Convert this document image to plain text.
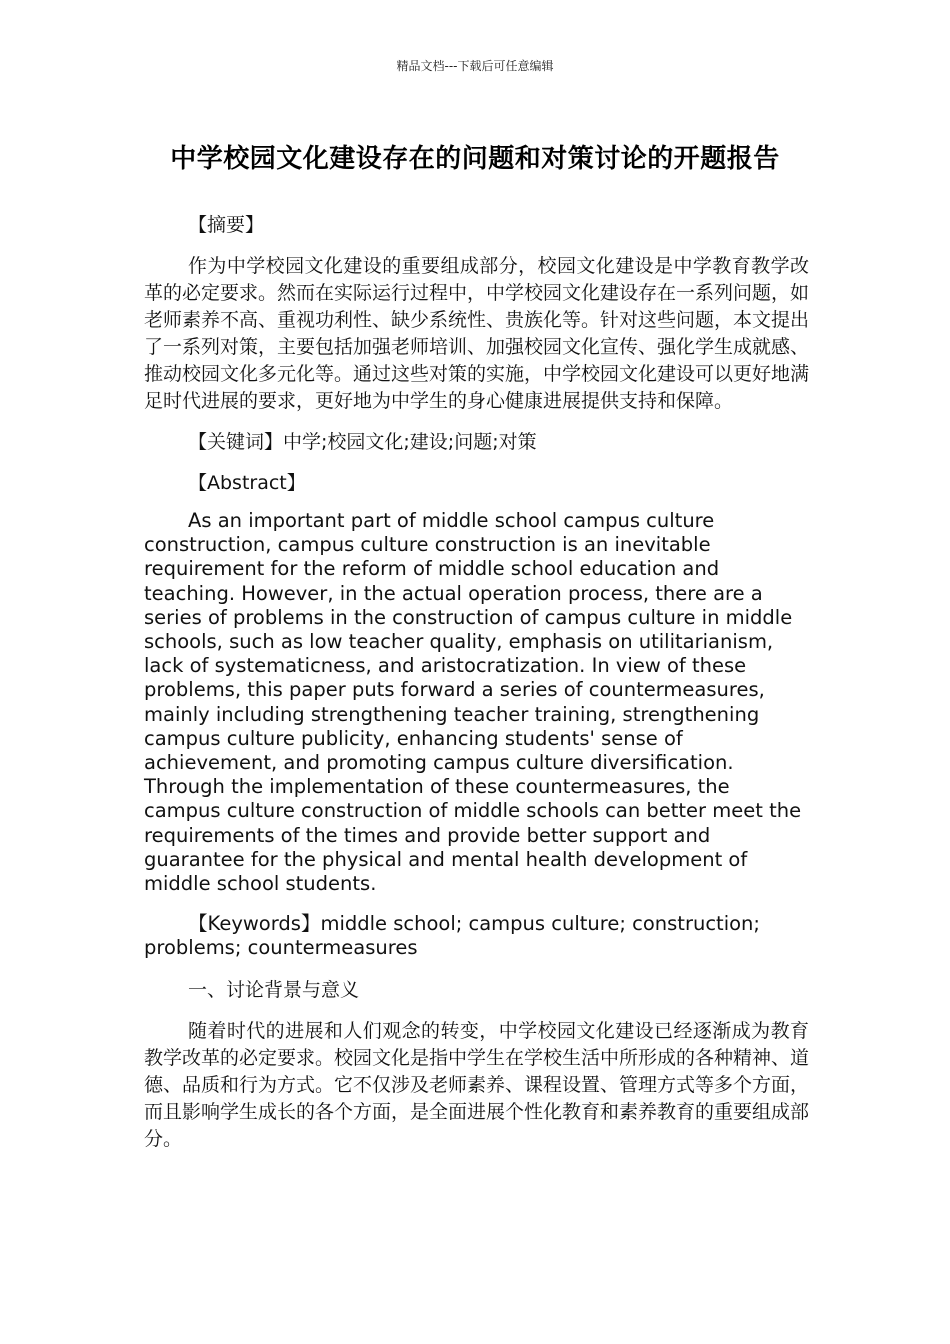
精品文档---下载后可任意编辑
中学校园文化建设存在的问题和对策讨论的开题报告

【摘要】

作为中学校园文化建设的重要组成部分，校园文化建设是中学教育教学改革的必定要求。然而在实际运行过程中，中学校园文化建设存在一系列问题，如老师素养不高、重视功利性、缺少系统性、贵族化等。针对这些问题，本文提出了一系列对策，主要包括加强老师培训、加强校园文化宣传、强化学生成就感、推动校园文化多元化等。通过这些对策的实施，中学校园文化建设可以更好地满足时代进展的要求，更好地为中学生的身心健康进展提供支持和保障。

【关键词】中学;校园文化;建设;问题;对策

【Abstract】

As an important part of middle school campus culture construction, campus culture construction is an inevitable requirement for the reform of middle school education and teaching. However, in the actual operation process, there are a series of problems in the construction of campus culture in middle schools, such as low teacher quality, emphasis on utilitarianism, lack of systematicness, and aristocratization. In view of these problems, this paper puts forward a series of countermeasures, mainly including strengthening teacher training, strengthening campus culture publicity, enhancing students' sense of achievement, and promoting campus culture diversification. Through the implementation of these countermeasures, the campus culture construction of middle schools can better meet the requirements of the times and provide better support and guarantee for the physical and mental health development of middle school students.

【Keywords】middle school; campus culture; construction; problems; countermeasures

一、讨论背景与意义

随着时代的进展和人们观念的转变，中学校园文化建设已经逐渐成为教育教学改革的必定要求。校园文化是指中学生在学校生活中所形成的各种精神、道德、品质和行为方式。它不仅涉及老师素养、课程设置、管理方式等多个方面，而且影响学生成长的各个方面，是全面进展个性化教育和素养教育的重要组成部分。
